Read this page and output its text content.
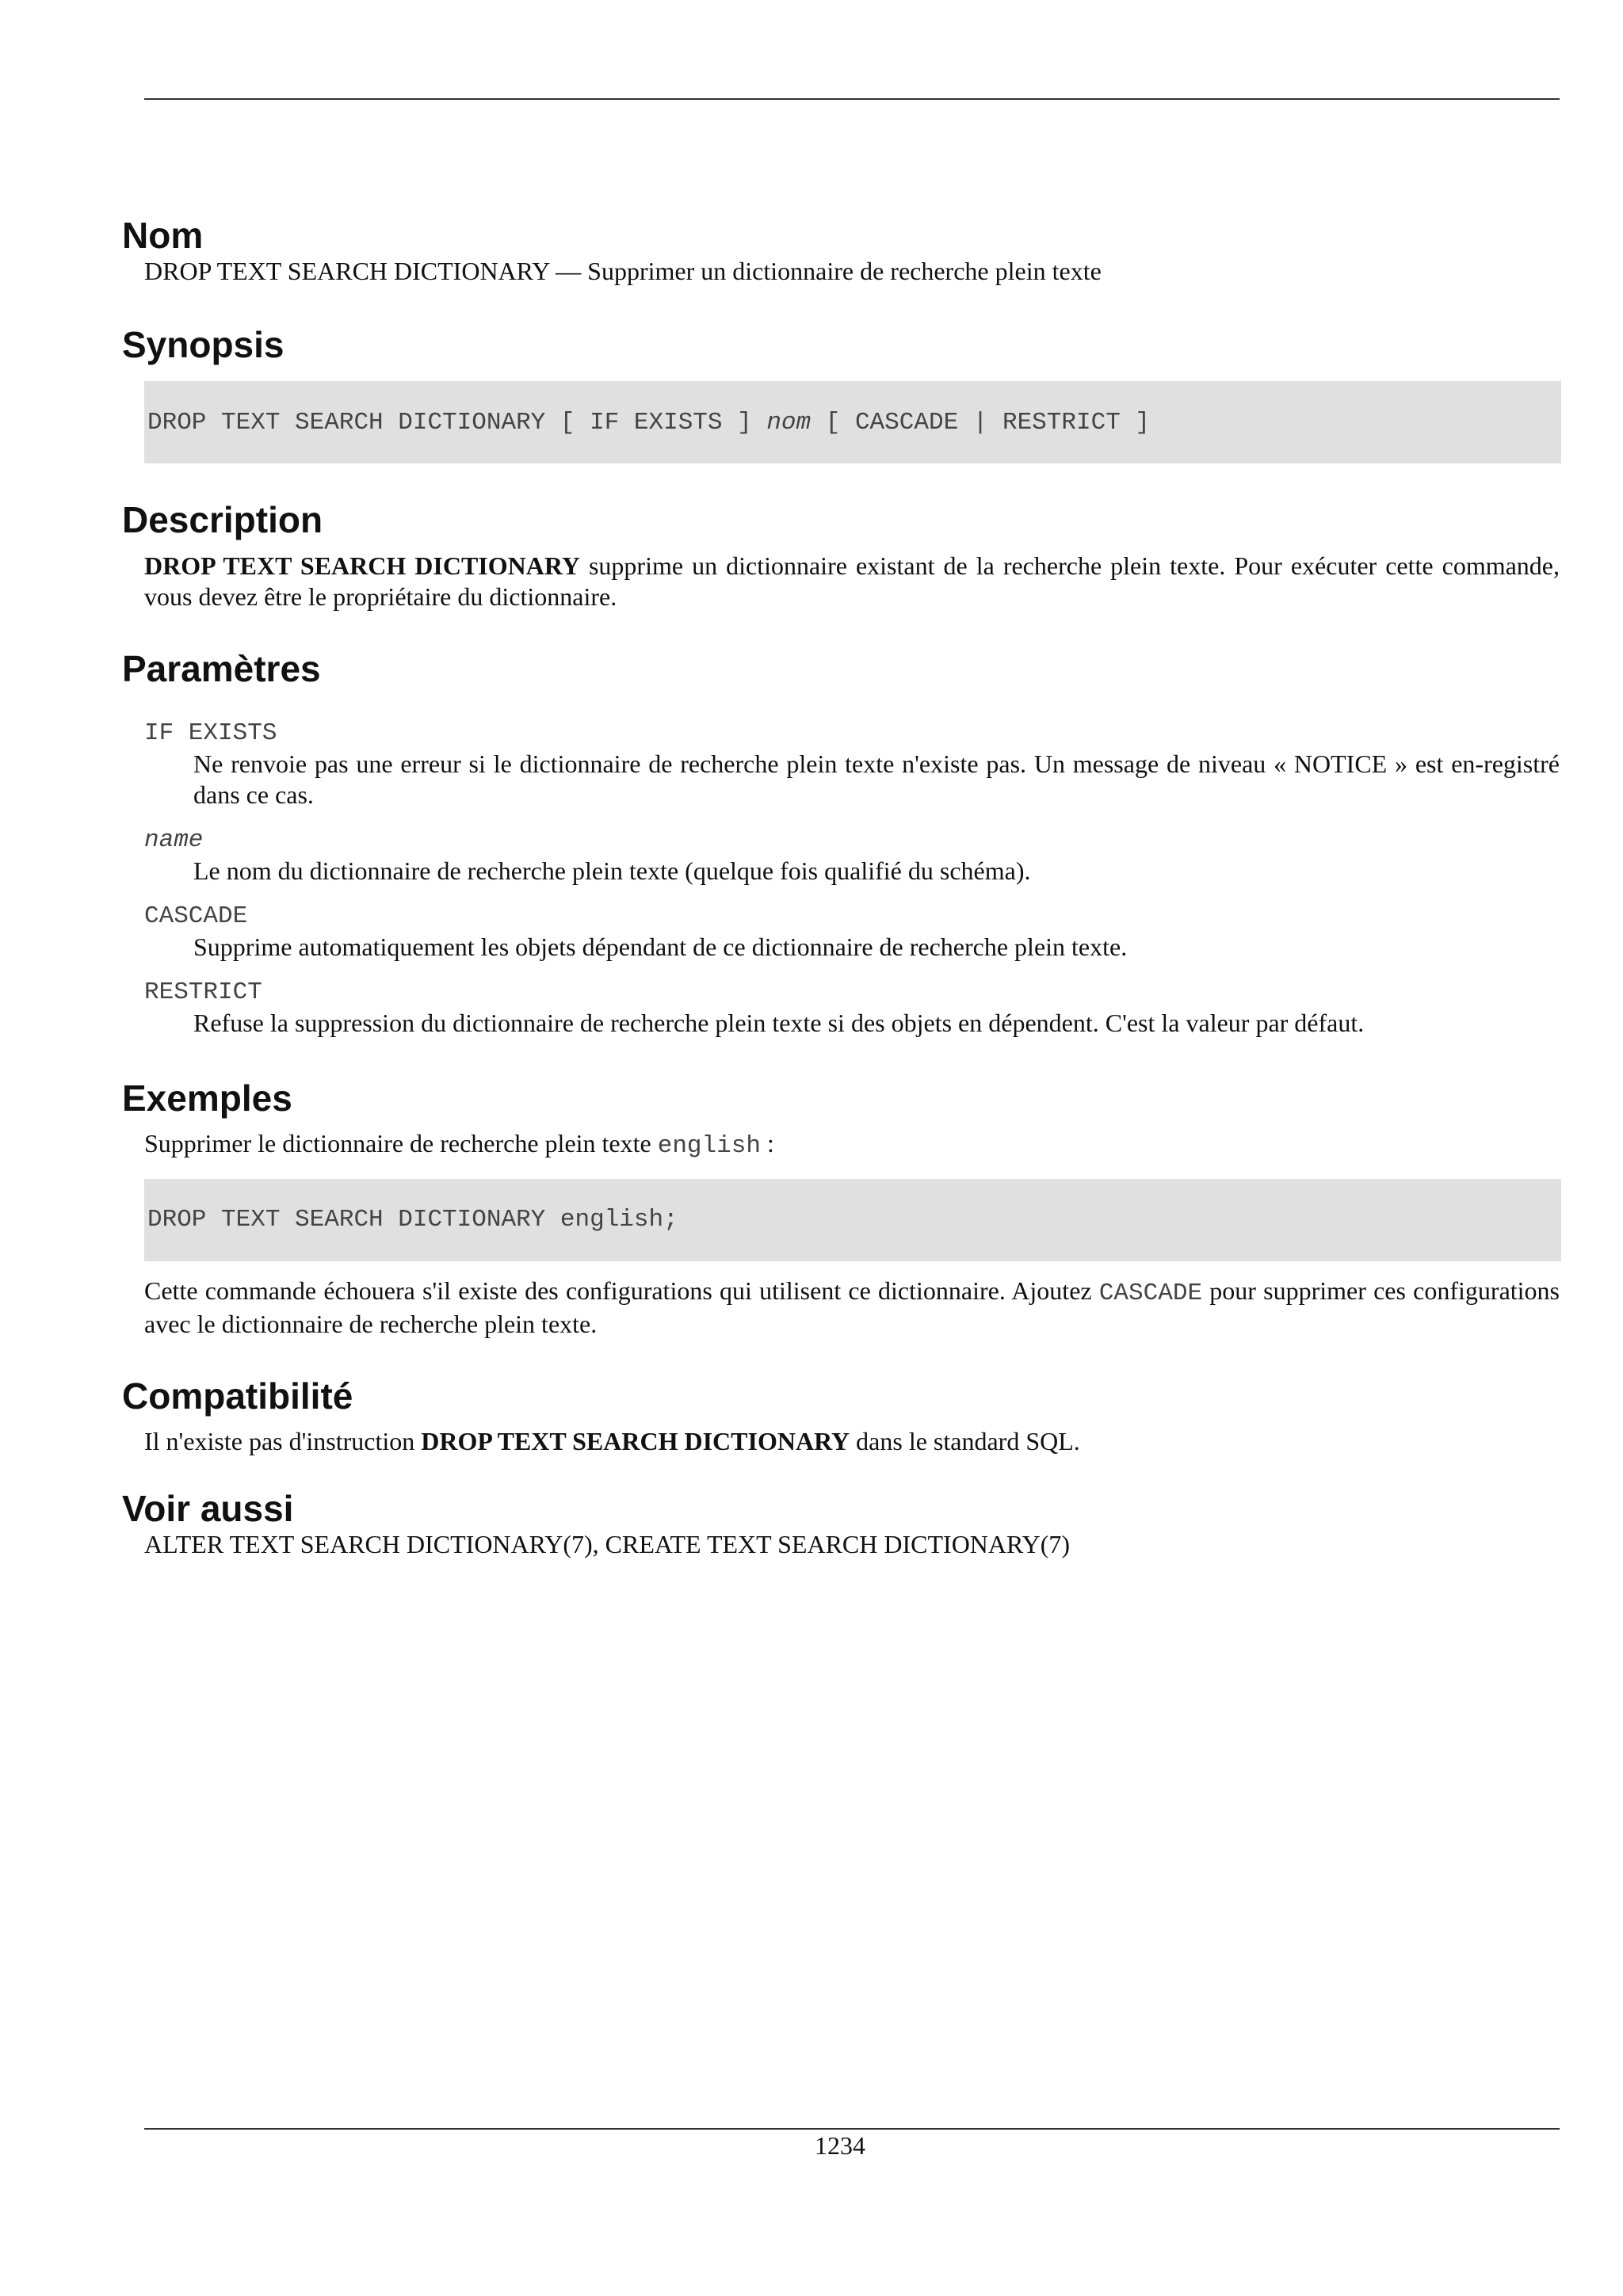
Nom

DROP TEXT SEARCH DICTIONARY — Supprimer un dictionnaire de recherche plein texte

Synopsis
DROP TEXT SEARCH DICTIONARY [ IF EXISTS ] nom [ CASCADE | RESTRICT ]
Description

DROP TEXT SEARCH DICTIONARY supprime un dictionnaire existant de la recherche plein texte. Pour exécuter cette commande, vous devez être le propriétaire du dictionnaire.

Paramètres
IF EXISTS
Ne renvoie pas une erreur si le dictionnaire de recherche plein texte n'existe pas. Un message de niveau « NOTICE » est en-registré dans ce cas.
name
Le nom du dictionnaire de recherche plein texte (quelque fois qualifié du schéma).
CASCADE
Supprime automatiquement les objets dépendant de ce dictionnaire de recherche plein texte.
RESTRICT
Refuse la suppression du dictionnaire de recherche plein texte si des objets en dépendent. C'est la valeur par défaut.
Exemples

Supprimer le dictionnaire de recherche plein texte english :

DROP TEXT SEARCH DICTIONARY english;

Cette commande échouera s'il existe des configurations qui utilisent ce dictionnaire. Ajoutez CASCADE pour supprimer ces configurations avec le dictionnaire de recherche plein texte.

Compatibilité

Il n'existe pas d'instruction DROP TEXT SEARCH DICTIONARY dans le standard SQL.

Voir aussi

ALTER TEXT SEARCH DICTIONARY(7), CREATE TEXT SEARCH DICTIONARY(7)

1234
